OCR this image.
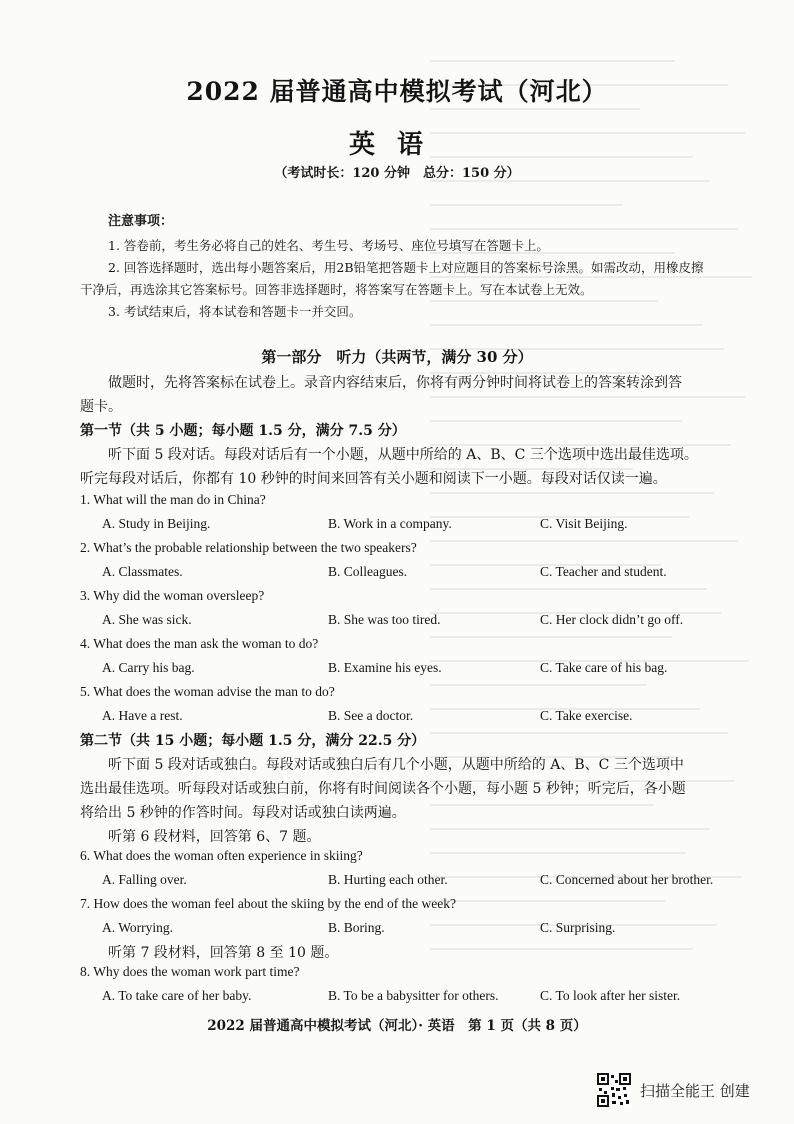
2022 届普通高中模拟考试（河北）
英语
（考试时长：120 分钟　总分：150 分）
注意事项：
1. 答卷前，考生务必将自己的姓名、考生号、考场号、座位号填写在答题卡上。
2. 回答选择题时，选出每小题答案后，用2B铅笔把答题卡上对应题目的答案标号涂黑。如需改动，用橡皮擦
干净后，再选涂其它答案标号。回答非选择题时，将答案写在答题卡上。写在本试卷上无效。
3. 考试结束后，将本试卷和答题卡一并交回。
第一部分　听力（共两节，满分 30 分）
做题时，先将答案标在试卷上。录音内容结束后，你将有两分钟时间将试卷上的答案转涂到答
题卡。
第一节（共 5 小题；每小题 1.5 分，满分 7.5 分）
听下面 5 段对话。每段对话后有一个小题，从题中所给的 A、B、C 三个选项中选出最佳选项。
听完每段对话后，你都有 10 秒钟的时间来回答有关小题和阅读下一小题。每段对话仅读一遍。
1. What will the man do in China?
A. Study in Beijing.	B. Work in a company.	C. Visit Beijing.
2. What’s the probable relationship between the two speakers?
A. Classmates.	B. Colleagues.	C. Teacher and student.
3. Why did the woman oversleep?
A. She was sick.	B. She was too tired.	C. Her clock didn’t go off.
4. What does the man ask the woman to do?
A. Carry his bag.	B. Examine his eyes.	C. Take care of his bag.
5. What does the woman advise the man to do?
A. Have a rest.	B. See a doctor.	C. Take exercise.
第二节（共 15 小题；每小题 1.5 分，满分 22.5 分）
听下面 5 段对话或独白。每段对话或独白后有几个小题，从题中所给的 A、B、C 三个选项中
选出最佳选项。听每段对话或独白前，你将有时间阅读各个小题，每小题 5 秒钟；听完后，各小题
将给出 5 秒钟的作答时间。每段对话或独白读两遍。
听第 6 段材料，回答第 6、7 题。
6. What does the woman often experience in skiing?
A. Falling over.	B. Hurting each other.	C. Concerned about her brother.
7. How does the woman feel about the skiing by the end of the week?
A. Worrying.	B. Boring.	C. Surprising.
听第 7 段材料，回答第 8 至 10 题。
8. Why does the woman work part time?
A. To take care of her baby.	B. To be a babysitter for others.	C. To look after her sister.
2022 届普通高中模拟考试（河北）· 英语　第 1 页（共 8 页）
扫描全能王 创建
